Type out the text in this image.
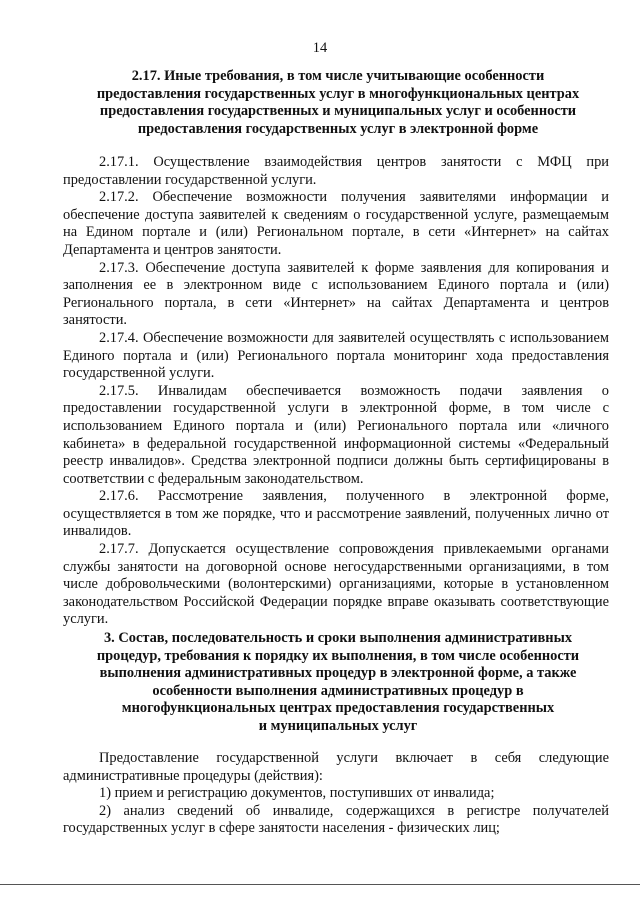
14
2.17. Иные требования, в том числе учитывающие особенности
предоставления государственных услуг в многофункциональных центрах
предоставления государственных и муниципальных услуг и особенности
предоставления государственных услуг в электронной форме

2.17.1. Осуществление взаимодействия центров занятости с МФЦ при предоставлении государственной услуги.

2.17.2. Обеспечение возможности получения заявителями информации и обеспечение доступа заявителей к сведениям о государственной услуге, размещаемым на Едином портале и (или) Региональном портале, в сети «Интернет» на сайтах Департамента и центров занятости.

2.17.3. Обеспечение доступа заявителей к форме заявления для копирования и заполнения ее в электронном виде с использованием Единого портала и (или) Регионального портала, в сети «Интернет» на сайтах Департамента и центров занятости.

2.17.4. Обеспечение возможности для заявителей осуществлять с использованием Единого портала и (или) Регионального портала мониторинг хода предоставления государственной услуги.

2.17.5. Инвалидам обеспечивается возможность подачи заявления о предоставлении государственной услуги в электронной форме, в том числе с использованием Единого портала и (или) Регионального портала или «личного кабинета» в федеральной государственной информационной системы «Федеральный реестр инвалидов». Средства электронной подписи должны быть сертифицированы в соответствии с федеральным законодательством.

2.17.6. Рассмотрение заявления, полученного в электронной форме, осуществляется в том же порядке, что и рассмотрение заявлений, полученных лично от инвалидов.

2.17.7. Допускается осуществление сопровождения привлекаемыми органами службы занятости на договорной основе негосударственными организациями, в том числе добровольческими (волонтерскими) организациями, которые в установленном законодательством Российской Федерации порядке вправе оказывать соответствующие услуги.

3. Состав, последовательность и сроки выполнения административных
процедур, требования к порядку их выполнения, в том числе особенности
выполнения административных процедур в электронной форме, а также
особенности выполнения административных процедур в
многофункциональных центрах предоставления государственных
и муниципальных услуг

Предоставление государственной услуги включает в себя следующие административные процедуры (действия):

1) прием и регистрацию документов, поступивших от инвалида;

2) анализ сведений об инвалиде, содержащихся в регистре получателей государственных услуг в сфере занятости населения - физических лиц;
